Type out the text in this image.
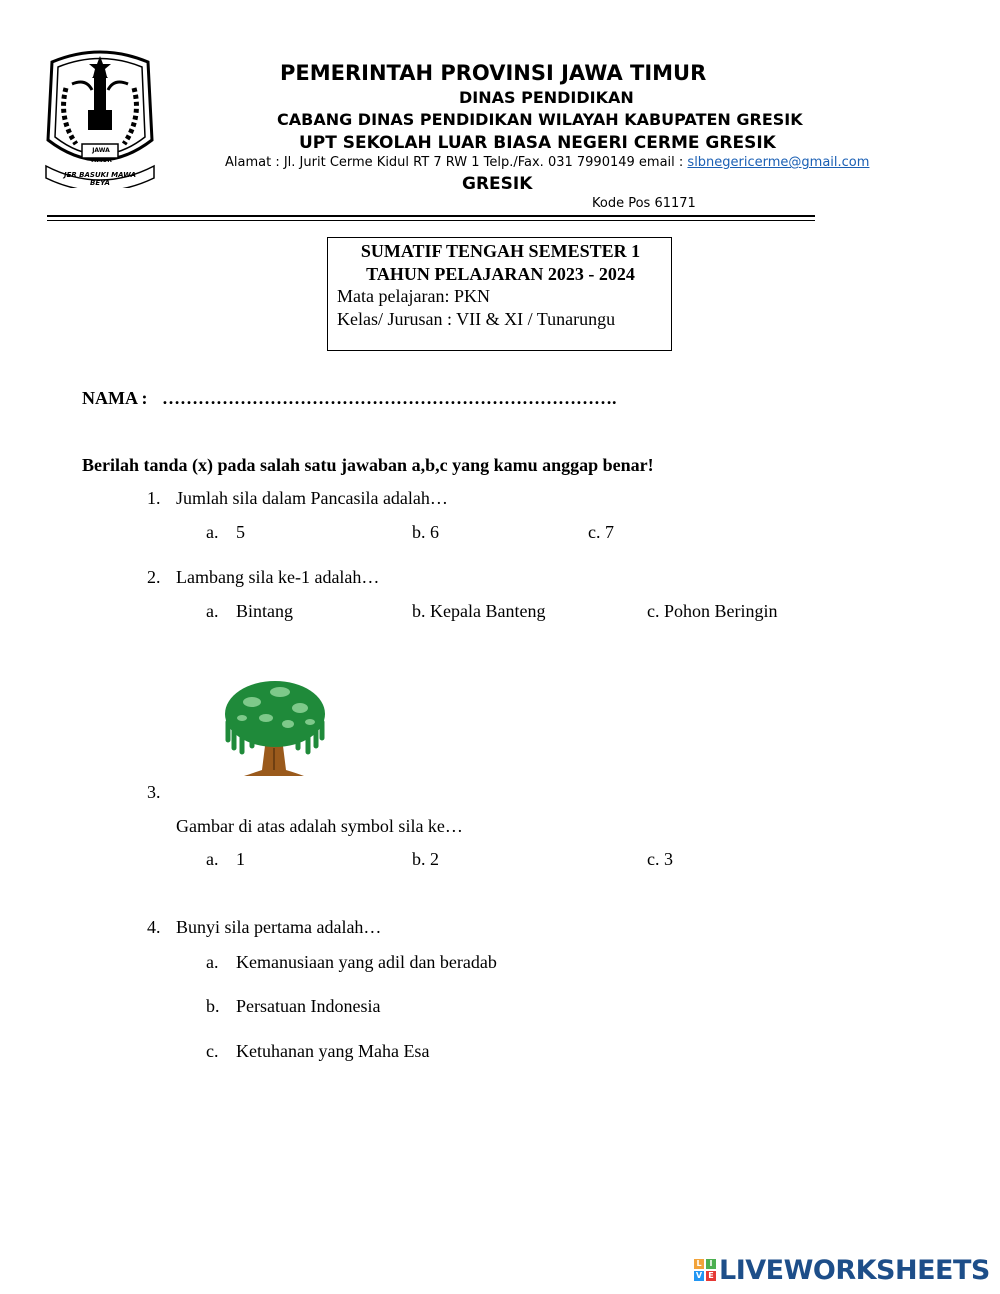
JAWA TIMUR
JER BASUKI MAWA BEYA
PEMERINTAH PROVINSI JAWA TIMUR
DINAS PENDIDIKAN
CABANG DINAS PENDIDIKAN WILAYAH KABUPATEN GRESIK
UPT SEKOLAH LUAR BIASA NEGERI CERME GRESIK
Alamat : Jl. Jurit Cerme Kidul RT 7 RW 1 Telp./Fax. 031 7990149 email : slbnegericerme@gmail.com
GRESIK
Kode Pos 61171
SUMATIF TENGAH SEMESTER 1
TAHUN PELAJARAN 2023 - 2024
Mata pelajaran: PKN
Kelas/ Jurusan : VII & XI / Tunarungu
NAMA : ………………………………………………………………….
Berilah tanda (x) pada salah satu jawaban a,b,c yang kamu anggap benar!
1. Jumlah sila dalam Pancasila adalah…
a. 5	b. 6	c. 7
2. Lambang sila ke-1 adalah…
a. Bintang	b. Kepala Banteng	c. Pohon Beringin
3.
Gambar di atas adalah symbol sila ke…
a. 1	b. 2	c. 3
4. Bunyi sila pertama adalah…
a. Kemanusiaan yang adil dan beradab
b. Persatuan Indonesia
c. Ketuhanan yang Maha Esa
L I
V E LIVEWORKSHEETS
